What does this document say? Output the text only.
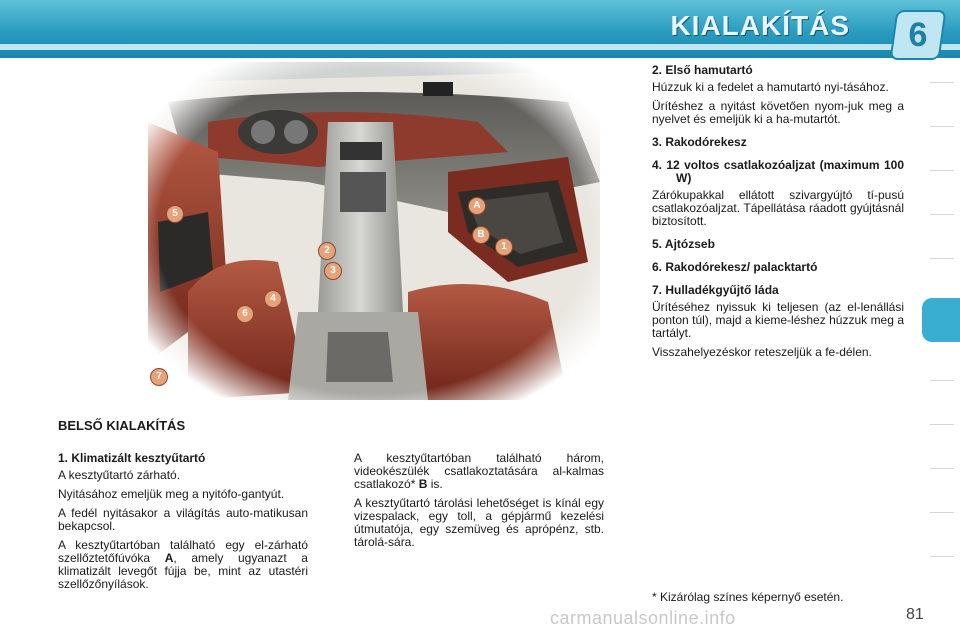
KIALAKÍTÁS	6
1
2
3
4
5
6
7
A
B
BELSŐ KIALAKÍTÁS

1. Klimatizált kesztyűtartó

A kesztyűtartó zárható.

Nyitásához emeljük meg a nyitófo-gantyút.

A fedél nyitásakor a világítás auto-matikusan bekapcsol.

A kesztyűtartóban található egy el-zárható szellőztetőfúvóka A, amely ugyanazt a klimatizált levegőt fújja be, mint az utastéri szellőzőnyílások.

A kesztyűtartóban található három, videokészülék csatlakoztatására al-kalmas csatlakozó* B is.

A kesztyűtartó tárolási lehetőséget is kínál egy vizespalack, egy toll, a gépjármű kezelési útmutatója, egy szemüveg és aprópénz, stb. tárolá-sára.

2. Első hamutartó

Húzzuk ki a fedelet a hamutartó nyi-tásához.

Ürítéshez a nyitást követően nyom-juk meg a nyelvet és emeljük ki a ha-mutartót.

3. Rakodórekesz

4. 12 voltos csatlakozóaljzat (maximum 100 W)

Zárókupakkal ellátott szivargyújtó tí-pusú csatlakozóaljzat. Tápellátása ráadott gyújtásnál biztosított.

5. Ajtózseb

6. Rakodórekesz/ palacktartó

7. Hulladékgyűjtő láda

Ürítéséhez nyissuk ki teljesen (az el-lenállási ponton túl), majd a kieme-léshez húzzuk meg a tartályt.

Visszahelyezéskor reteszeljük a fe-délen.

* Kizárólag színes képernyő esetén.
carmanualsonline.info	81
